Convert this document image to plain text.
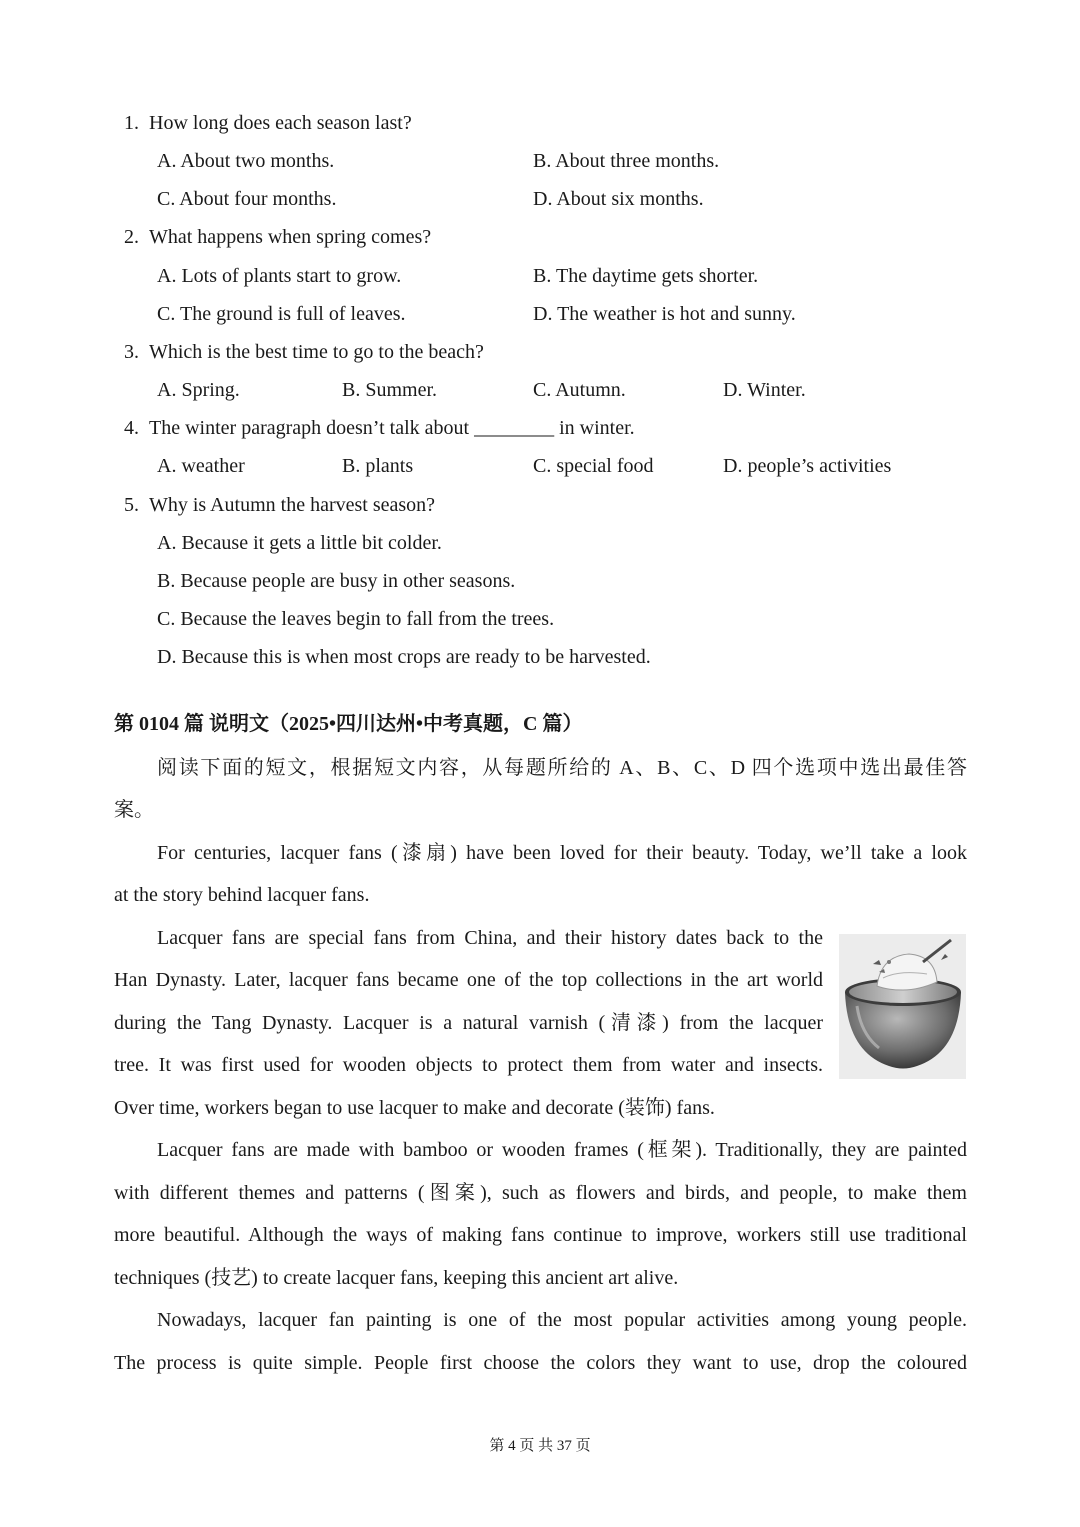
1. How long does each season last?
A. About two months.	B. About three months.
C. About four months.	D. About six months.
2. What happens when spring comes?
A. Lots of plants start to grow.	B. The daytime gets shorter.
C. The ground is full of leaves.	D. The weather is hot and sunny.
3. Which is the best time to go to the beach?
A. Spring.	B. Summer.	C. Autumn.	D. Winter.
4. The winter paragraph doesn’t talk about ________ in winter.
A. weather	B. plants	C. special food	D. people’s activities
5. Why is Autumn the harvest season?
A. Because it gets a little bit colder.
B. Because people are busy in other seasons.
C. Because the leaves begin to fall from the trees.
D. Because this is when most crops are ready to be harvested.
第 0104 篇 说明文（2025•四川达州•中考真题，C 篇）
阅读下面的短文，根据短文内容，从每题所给的 A、B、C、D 四个选项中选出最佳答
案。
For centuries, lacquer fans (漆扇) have been loved for their beauty. Today, we’ll take a look
at the story behind lacquer fans.
Lacquer fans are special fans from China, and their history dates back to the
Han Dynasty. Later, lacquer fans became one of the top collections in the art world
during the Tang Dynasty. Lacquer is a natural varnish (清漆) from the lacquer
tree. It was first used for wooden objects to protect them from water and insects.
Over time, workers began to use lacquer to make and decorate (装饰) fans.
Lacquer fans are made with bamboo or wooden frames (框架). Traditionally, they are painted
with different themes and patterns (图案), such as flowers and birds, and people, to make them
more beautiful. Although the ways of making fans continue to improve, workers still use traditional
techniques (技艺) to create lacquer fans, keeping this ancient art alive.
Nowadays, lacquer fan painting is one of the most popular activities among young people.
The process is quite simple. People first choose the colors they want to use, drop the coloured
第 4 页 共 37 页
